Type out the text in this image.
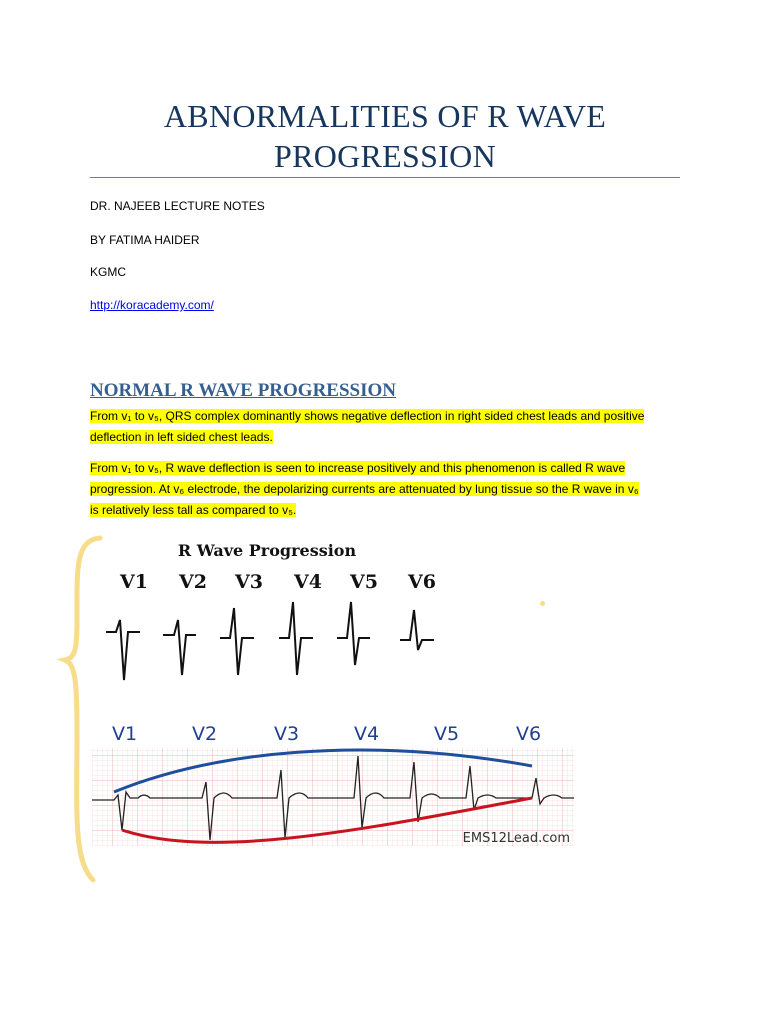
ABNORMALITIES OF R WAVE
PROGRESSION
DR. NAJEEB LECTURE NOTES
BY FATIMA HAIDER
KGMC
http://koracademy.com/
NORMAL R WAVE PROGRESSION
From v₁ to v₅, QRS complex dominantly shows negative deflection in right sided chest leads and positive
deflection in left sided chest leads.
From v₁ to v₅, R wave deflection is seen to increase positively and this phenomenon is called R wave
progression. At v₆ electrode, the depolarizing currents are attenuated by lung tissue so the R wave in v₆
is relatively less tall as compared to v₅.
R Wave Progression
V1 V2 V3 V4 V5 V6
V1	V2	V3	V4	V5	V6
EMS12Lead.com
